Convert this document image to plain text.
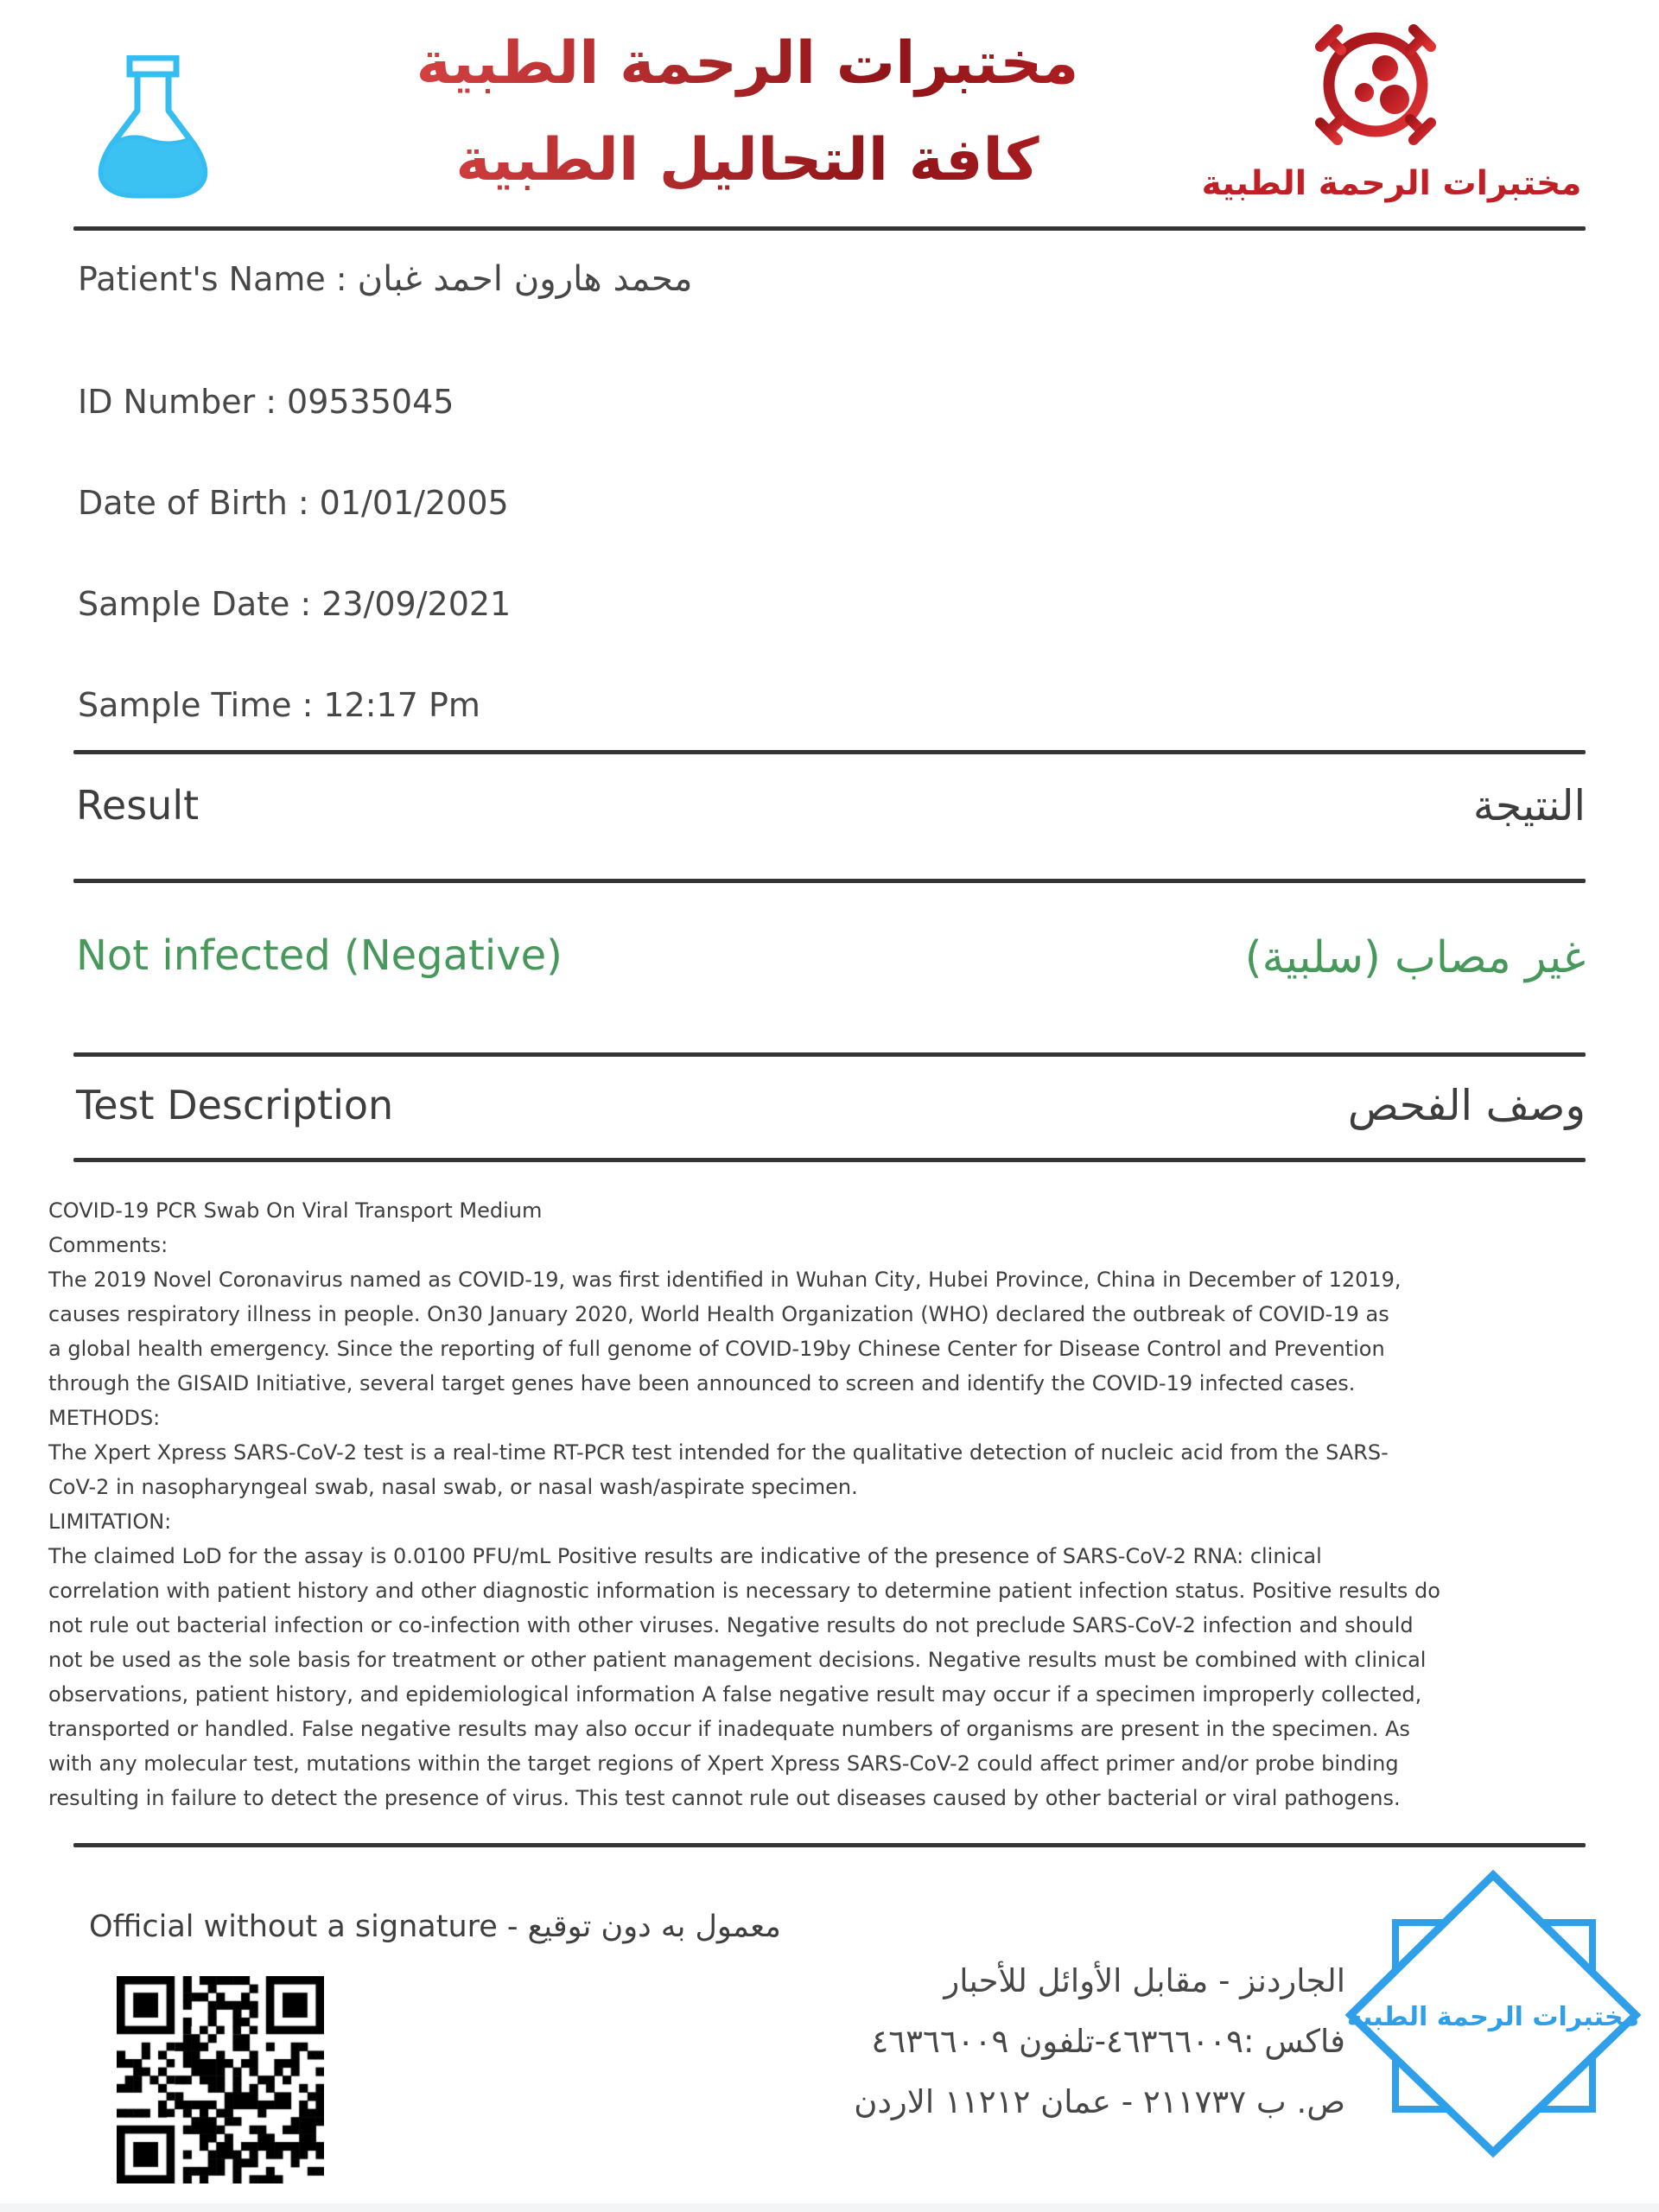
مختبرات الرحمة الطبية
كافة التحاليل الطبية	مختبرات الرحمة الطبية
Patient's Name : محمد هارون احمد غبان
ID Number : 09535045
Date of Birth : 01/01/2005
Sample Date : 23/09/2021
Sample Time : 12:17 Pm
Result	النتيجة
Not infected (Negative)	غير مصاب (سلبية)
Test Description	وصف الفحص
COVID-19 PCR Swab On Viral Transport Medium
Comments:
The 2019 Novel Coronavirus named as COVID-19, was first identified in Wuhan City, Hubei Province, China in December of 12019,
causes respiratory illness in people. On30 January 2020, World Health Organization (WHO) declared the outbreak of COVID-19 as
a global health emergency. Since the reporting of full genome of COVID-19by Chinese Center for Disease Control and Prevention
through the GISAID Initiative, several target genes have been announced to screen and identify the COVID-19 infected cases.
METHODS:
The Xpert Xpress SARS-CoV-2 test is a real-time RT-PCR test intended for the qualitative detection of nucleic acid from the SARS-
CoV-2 in nasopharyngeal swab, nasal swab, or nasal wash/aspirate specimen.
LIMITATION:
The claimed LoD for the assay is 0.0100 PFU/mL Positive results are indicative of the presence of SARS-CoV-2 RNA: clinical
correlation with patient history and other diagnostic information is necessary to determine patient infection status. Positive results do
not rule out bacterial infection or co-infection with other viruses. Negative results do not preclude SARS-CoV-2 infection and should
not be used as the sole basis for treatment or other patient management decisions. Negative results must be combined with clinical
observations, patient history, and epidemiological information A false negative result may occur if a specimen improperly collected,
transported or handled. False negative results may also occur if inadequate numbers of organisms are present in the specimen. As
with any molecular test, mutations within the target regions of Xpert Xpress SARS-CoV-2 could affect primer and/or probe binding
resulting in failure to detect the presence of virus. This test cannot rule out diseases caused by other bacterial or viral pathogens.
Official without a signature - معمول به دون توقيع
الجاردنز - مقابل الأوائل للأحبار
فاكس :٤٦٣٦٦٠٠٩-تلفون ٤٦٣٦٦٠٠٩
ص. ب ٢١١٧٣٧ - عمان ١١٢١٢ الاردن
مختبرات الرحمة الطبية
